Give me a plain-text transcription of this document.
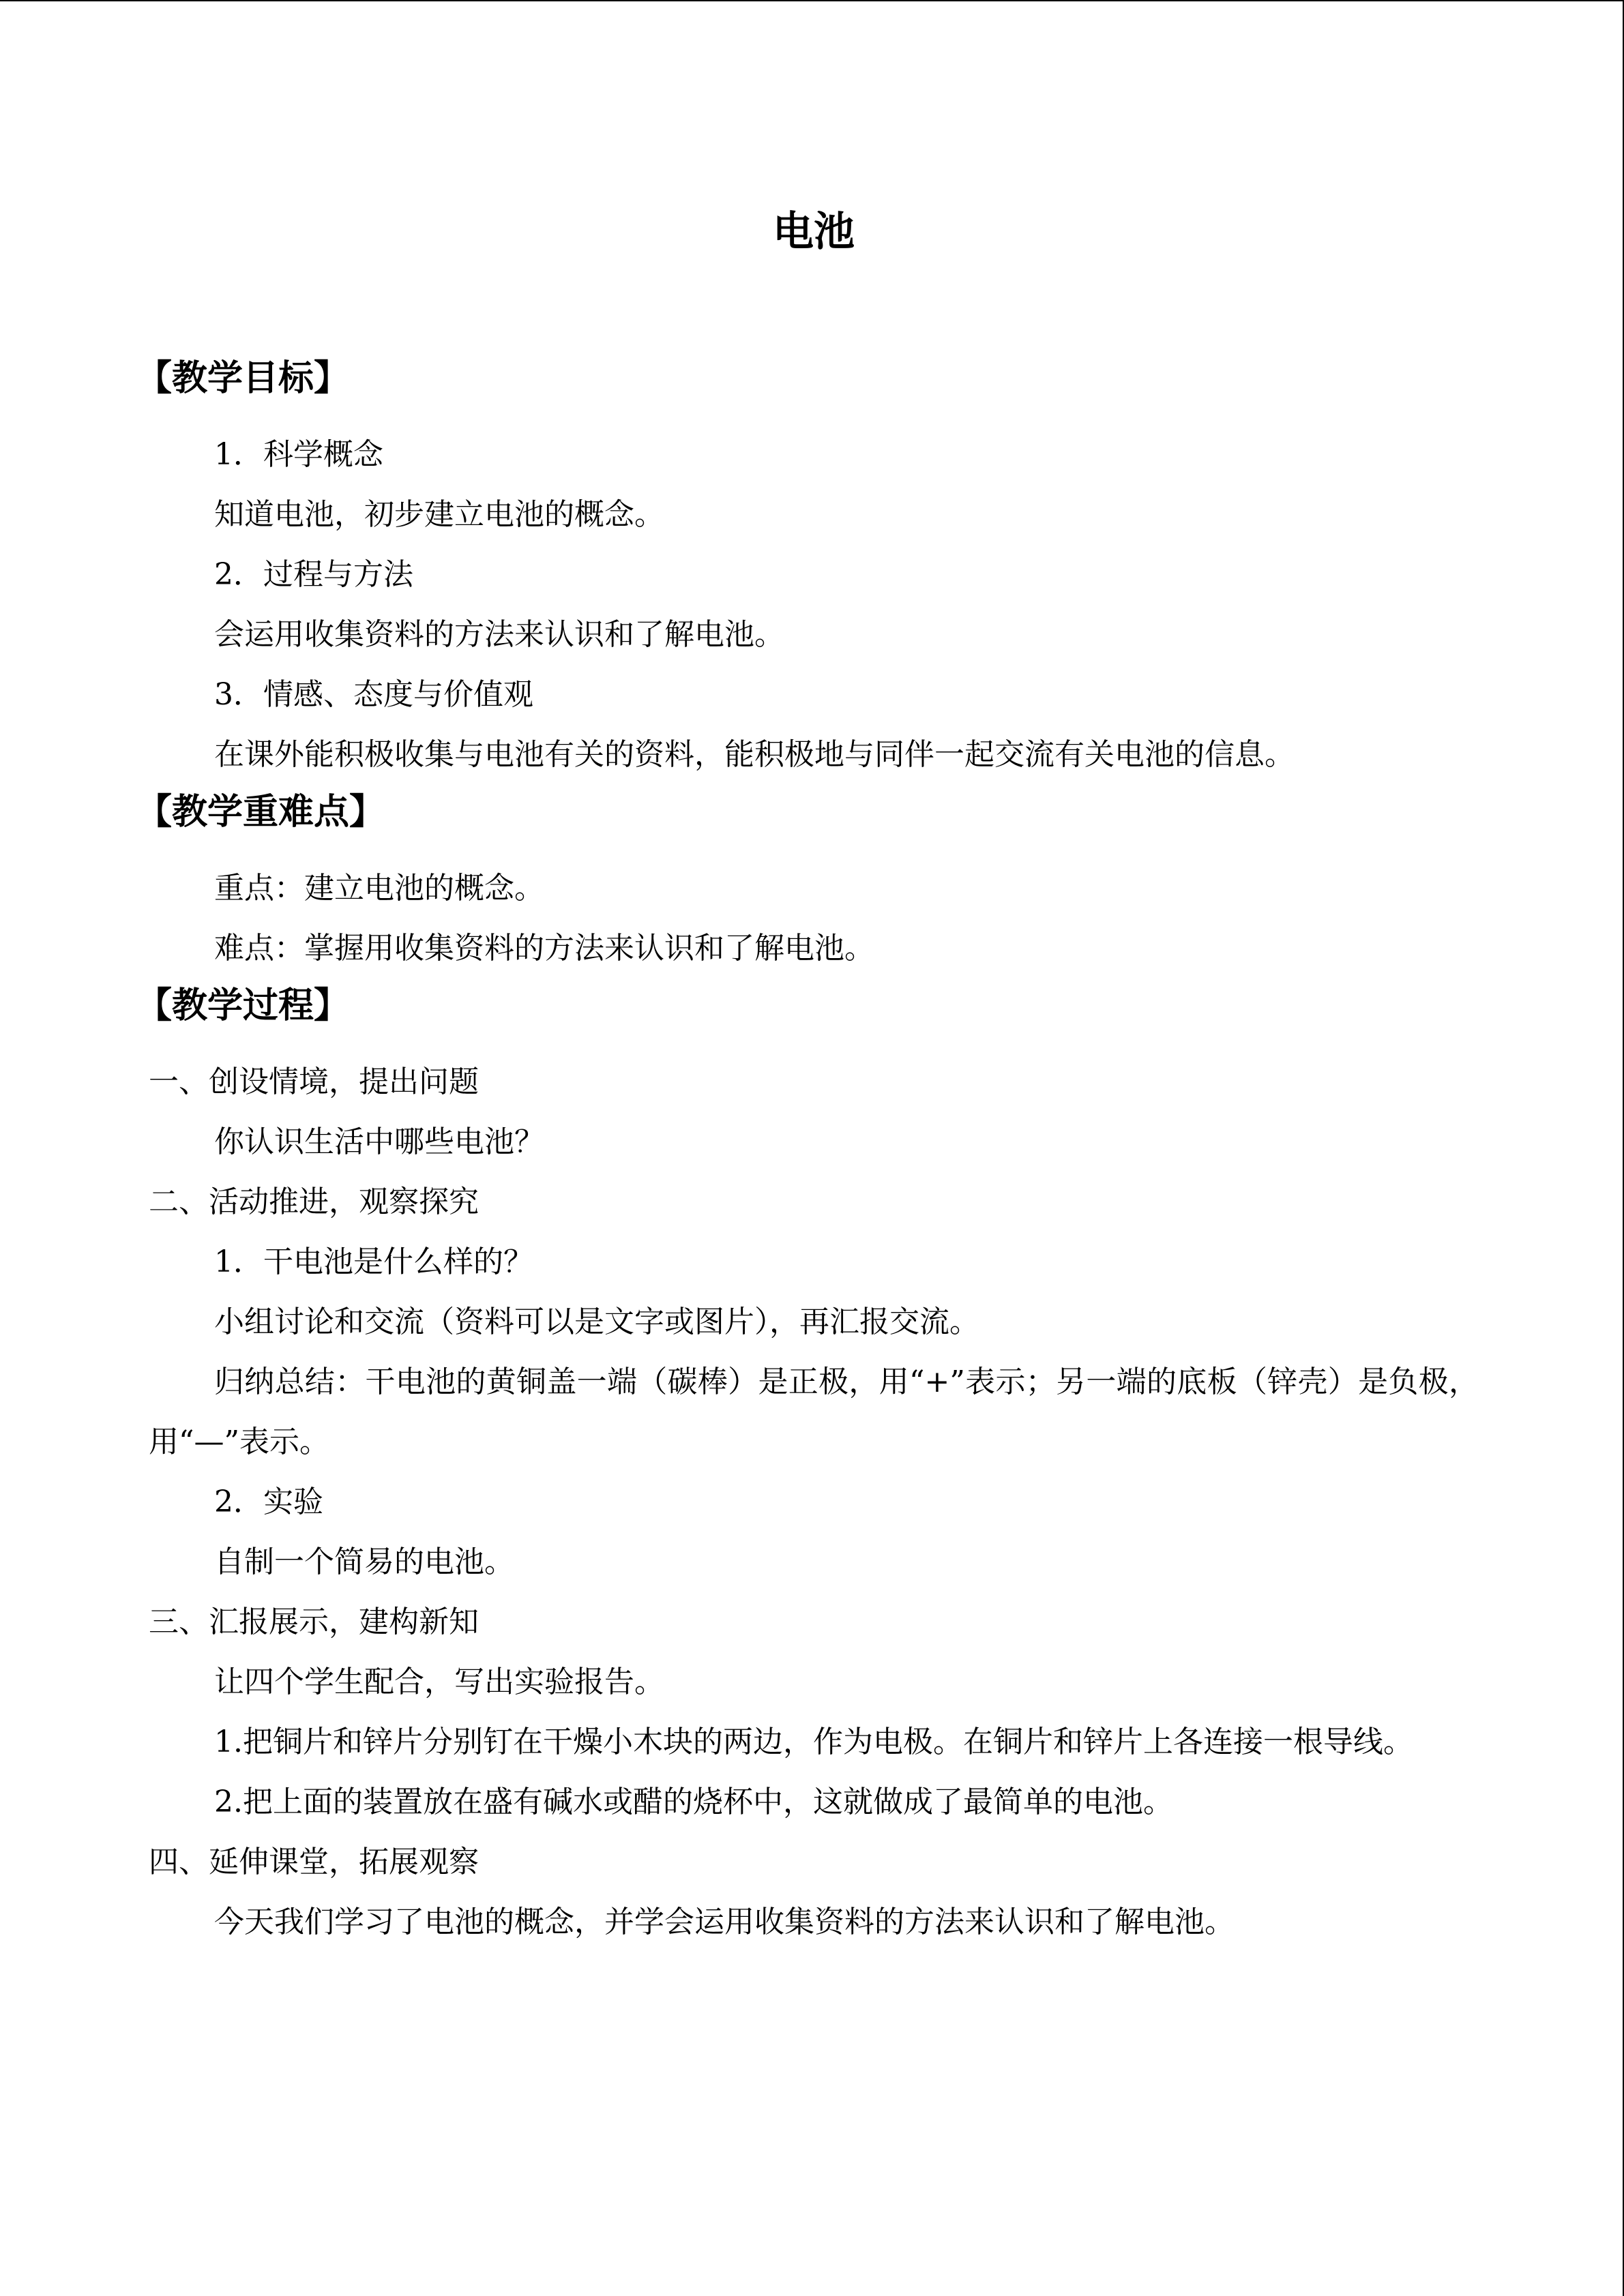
电池
【教学目标】

1．科学概念

知道电池，初步建立电池的概念。

2．过程与方法

会运用收集资料的方法来认识和了解电池。

3．情感、态度与价值观

在课外能积极收集与电池有关的资料，能积极地与同伴一起交流有关电池的信息。

【教学重难点】

重点：建立电池的概念。

难点：掌握用收集资料的方法来认识和了解电池。

【教学过程】

一、创设情境，提出问题

你认识生活中哪些电池？

二、活动推进，观察探究

1．干电池是什么样的？

小组讨论和交流（资料可以是文字或图片），再汇报交流。

归纳总结：干电池的黄铜盖一端（碳棒）是正极，用“+”表示；另一端的底板（锌壳）是负极，用“—”表示。

2．实验

自制一个简易的电池。

三、汇报展示，建构新知

让四个学生配合，写出实验报告。

1.把铜片和锌片分别钉在干燥小木块的两边，作为电极。在铜片和锌片上各连接一根导线。

2.把上面的装置放在盛有碱水或醋的烧杯中，这就做成了最简单的电池。

四、延伸课堂，拓展观察

今天我们学习了电池的概念，并学会运用收集资料的方法来认识和了解电池。
